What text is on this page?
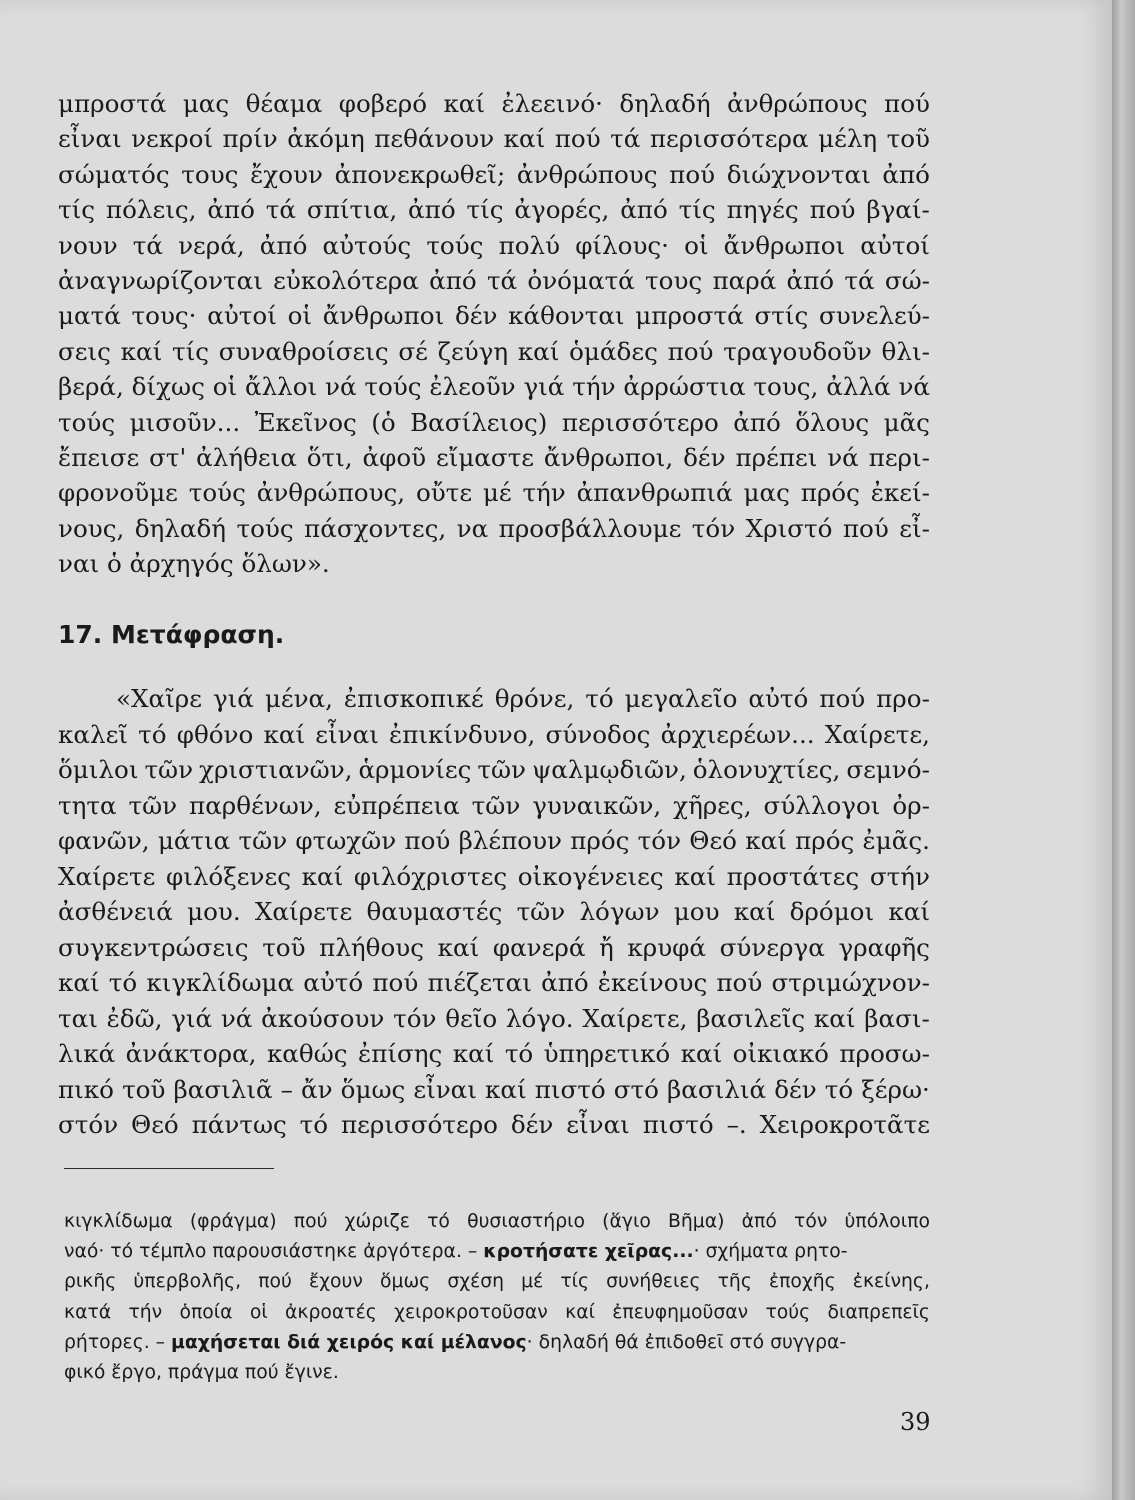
μπροστά μας θέαμα φοβερό καί ἐλεεινό· δηλαδή ἀνθρώπους πού
εἶναι νεκροί πρίν ἀκόμη πεθάνουν καί πού τά περισσότερα μέλη τοῦ
σώματός τους ἔχουν ἀπονεκρωθεῖ; ἀνθρώπους πού διώχνονται ἀπό
τίς πόλεις, ἀπό τά σπίτια, ἀπό τίς ἀγορές, ἀπό τίς πηγές πού βγαί-
νουν τά νερά, ἀπό αὐτούς τούς πολύ φίλους· οἱ ἄνθρωποι αὐτοί
ἀναγνωρίζονται εὐκολότερα ἀπό τά ὀνόματά τους παρά ἀπό τά σώ-
ματά τους· αὐτοί οἱ ἄνθρωποι δέν κάθονται μπροστά στίς συνελεύ-
σεις καί τίς συναθροίσεις σέ ζεύγη καί ὁμάδες πού τραγουδοῦν θλι-
βερά, δίχως οἱ ἄλλοι νά τούς ἐλεοῦν γιά τήν ἀρρώστια τους, ἀλλά νά
τούς μισοῦν... Ἐκεῖνος (ὁ Βασίλειος) περισσότερο ἀπό ὅλους μᾶς
ἔπεισε στ' ἀλήθεια ὅτι, ἀφοῦ εἴμαστε ἄνθρωποι, δέν πρέπει νά περι-
φρονοῦμε τούς ἀνθρώπους, οὔτε μέ τήν ἀπανθρωπιά μας πρός ἐκεί-
νους, δηλαδή τούς πάσχοντες, να προσβάλλουμε τόν Χριστό πού εἶ-
ναι ὁ ἀρχηγός ὅλων».
17. Μετάφραση.
«Χαῖρε γιά μένα, ἐπισκοπικέ θρόνε, τό μεγαλεῖο αὐτό πού προ-
καλεῖ τό φθόνο καί εἶναι ἐπικίνδυνο, σύνοδος ἀρχιερέων... Χαίρετε,
ὅμιλοι τῶν χριστιανῶν, ἁρμονίες τῶν ψαλμῳδιῶν, ὁλονυχτίες, σεμνό-
τητα τῶν παρθένων, εὐπρέπεια τῶν γυναικῶν, χῆρες, σύλλογοι ὀρ-
φανῶν, μάτια τῶν φτωχῶν πού βλέπουν πρός τόν Θεό καί πρός ἐμᾶς.
Χαίρετε φιλόξενες καί φιλόχριστες οἰκογένειες καί προστάτες στήν
ἀσθένειά μου. Χαίρετε θαυμαστές τῶν λόγων μου καί δρόμοι καί
συγκεντρώσεις τοῦ πλήθους καί φανερά ἤ κρυφά σύνεργα γραφῆς
καί τό κιγκλίδωμα αὐτό πού πιέζεται ἀπό ἐκείνους πού στριμώχνον-
ται ἐδῶ, γιά νά ἀκούσουν τόν θεῖο λόγο. Χαίρετε, βασιλεῖς καί βασι-
λικά ἀνάκτορα, καθώς ἐπίσης καί τό ὑπηρετικό καί οἰκιακό προσω-
πικό τοῦ βασιλιᾶ – ἄν ὅμως εἶναι καί πιστό στό βασιλιά δέν τό ξέρω·
στόν Θεό πάντως τό περισσότερο δέν εἶναι πιστό –. Χειροκροτᾶτε
κιγκλίδωμα (φράγμα) πού χώριζε τό θυσιαστήριο (ἅγιο Βῆμα) ἀπό τόν ὑπόλοιπο
ναό· τό τέμπλο παρουσιάστηκε ἀργότερα. – κροτήσατε χεῖρας...· σχήματα ρητο-
ρικῆς ὑπερβολῆς, πού ἔχουν ὅμως σχέση μέ τίς συνήθειες τῆς ἐποχῆς ἐκείνης,
κατά τήν ὁποία οἱ ἀκροατές χειροκροτοῦσαν καί ἐπευφημοῦσαν τούς διαπρεπεῖς
ρήτορες. – μαχήσεται διά χειρός καί μέλανος· δηλαδή θά ἐπιδοθεῖ στό συγγρα-
φικό ἔργο, πράγμα πού ἔγινε.
39
